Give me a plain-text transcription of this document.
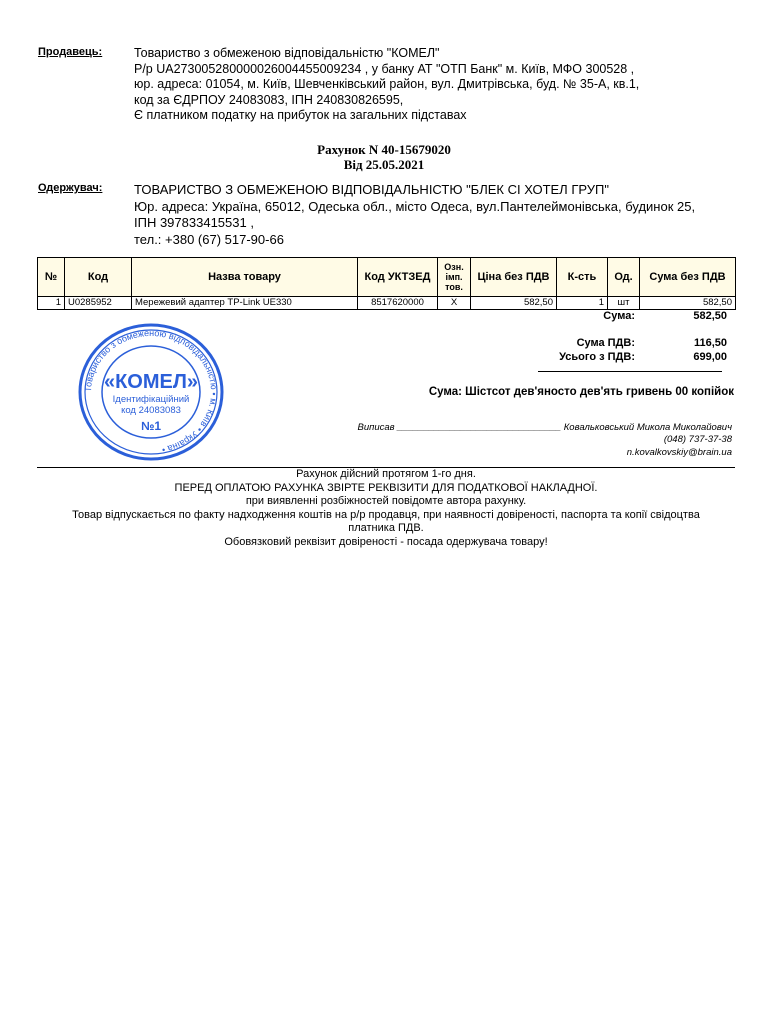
Продавець:	Товариство з обмеженою відповідальністю "КОМЕЛ"
Р/р UA273005280000026004455009234 , у банку АТ "ОТП Банк" м. Київ, МФО 300528 ,
юр. адреса: 01054, м. Київ, Шевченківський район, вул. Дмитрівська, буд. № 35-А, кв.1,
код за ЄДРПОУ 24083083, ІПН 240830826595,
Є платником податку на прибуток на загальних підставах
Рахунок N 40-15679020
Від 25.05.2021
Одержувач: ТОВАРИСТВО З ОБМЕЖЕНОЮ ВІДПОВІДАЛЬНІСТЮ "БЛЕК СІ ХОТЕЛ ГРУП"
Юр. адреса: Україна, 65012, Одеська обл., місто Одеса, вул.Пантелеймонівська, будинок 25,
ІПН 397833415531 ,
тел.: +380 (67) 517-90-66
№	Код	Назва товару	Код УКТЗЕД	Озн. імп. тов.	Ціна без ПДВ	К-сть	Од.	Сума без ПДВ
1	U0285952	Мережевий адаптер TP-Link UE330	8517620000	X	582,50	1	шт	582,50
Сума:	582,50
Сума ПДВ:	116,50
Усього з ПДВ:	699,00
Товариство з обмеженою відповідальністю • м. Київ • Україна •
«КОМЕЛ»
Ідентифікаційний
код 24083083
№1
Сума: Шістсот дев'яносто дев'ять гривень 00 копійок
Виписав _______________________________ Ковальковський Микола Миколайович
(048) 737-37-38
n.kovalkovskiy@brain.ua
Рахунок дійсний протягом 1-го дня.
ПЕРЕД ОПЛАТОЮ РАХУНКА ЗВІРТЕ РЕКВІЗИТИ ДЛЯ ПОДАТКОВОЇ НАКЛАДНОЇ.
при виявленні розбіжностей повідомте автора рахунку.
Товар відпускається по факту надходження коштів на р/р продавця, при наявності довіреності, паспорта та копії свідоцтва
платника ПДВ.
Обовязковий реквізит довіреності - посада одержувача товару!
